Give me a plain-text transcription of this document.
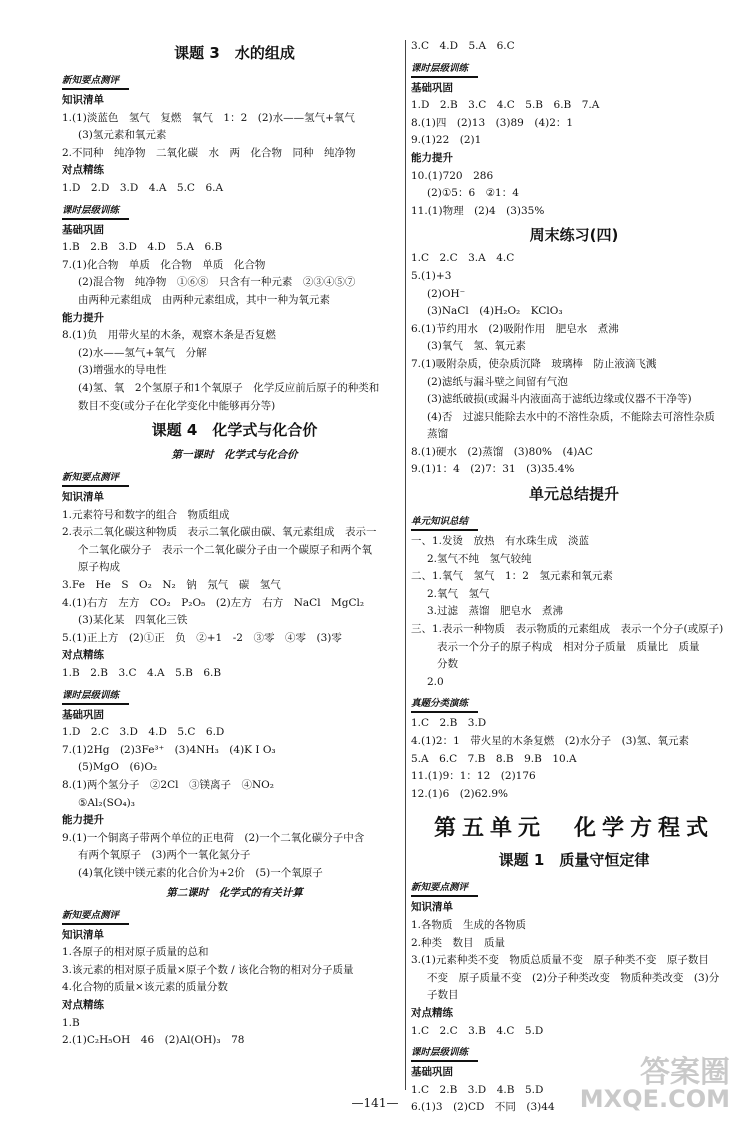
课题 3　水的组成
新知要点测评
知识清单
1.(1)淡蓝色　氢气　复燃　氧气　1：2　(2)水——氢气+氧气
(3)氢元素和氧元素
2.不同种　纯净物　二氧化碳　水　两　化合物　同种　纯净物
对点精练
1.D　2.D　3.D　4.A　5.C　6.A
课时层级训练
基础巩固
1.B　2.B　3.D　4.D　5.A　6.B
7.(1)化合物　单质　化合物　单质　化合物
(2)混合物　纯净物　①⑥⑧　只含有一种元素　②③④⑤⑦
由两种元素组成　由两种元素组成，其中一种为氧元素
能力提升
8.(1)负　用带火星的木条，观察木条是否复燃
(2)水——氢气+氧气　分解
(3)增强水的导电性
(4)氢、氧　2个氢原子和1个氧原子　化学反应前后原子的种类和
数目不变(或分子在化学变化中能够再分等)
课题 4　化学式与化合价
第一课时　化学式与化合价
新知要点测评
知识清单
1.元素符号和数字的组合　物质组成
2.表示二氧化碳这种物质　表示二氧化碳由碳、氧元素组成　表示一
个二氧化碳分子　表示一个二氧化碳分子由一个碳原子和两个氧
原子构成
3.Fe　He　S　O₂　N₂　钠　氖气　碳　氢气
4.(1)右方　左方　CO₂　P₂O₅　(2)左方　右方　NaCl　MgCl₂
(3)某化某　四氧化三铁
5.(1)正上方　(2)①正　负　②+1　-2　③零　④零　(3)零
对点精练
1.B　2.B　3.C　4.A　5.B　6.B
课时层级训练
基础巩固
1.D　2.C　3.D　4.D　5.C　6.D
7.(1)2Hg　(2)3Fe³⁺　(3)4NH₃　(4)K I O₃
(5)MgO　(6)O₂
8.(1)两个氢分子　②2Cl　③镁离子　④NO₂
⑤Al₂(SO₄)₃
能力提升
9.(1)一个铜离子带两个单位的正电荷　(2)一个二氧化碳分子中含
有两个氧原子　(3)两个一氧化氮分子
(4)氧化镁中镁元素的化合价为+2价　(5)一个氧原子
第二课时　化学式的有关计算
新知要点测评
知识清单
1.各原子的相对原子质量的总和
3.该元素的相对原子质量×原子个数 / 该化合物的相对分子质量
4.化合物的质量×该元素的质量分数
对点精练
1.B
2.(1)C₂H₅OH　46　(2)Al(OH)₃　78
3.C　4.D　5.A　6.C
课时层级训练
基础巩固
1.D　2.B　3.C　4.C　5.B　6.B　7.A
8.(1)四　(2)13　(3)89　(4)2：1
9.(1)22　(2)1
能力提升
10.(1)720　286
(2)①5：6　②1：4
11.(1)物理　(2)4　(3)35%
周末练习(四)
1.C　2.C　3.A　4.C
5.(1)+3
(2)OH⁻
(3)NaCl　(4)H₂O₂　KClO₃
6.(1)节约用水　(2)吸附作用　肥皂水　煮沸
(3)氧气　氢、氧元素
7.(1)吸附杂质，使杂质沉降　玻璃棒　防止液滴飞溅
(2)滤纸与漏斗壁之间留有气泡
(3)滤纸破损(或漏斗内液面高于滤纸边缘或仪器不干净等)
(4)否　过滤只能除去水中的不溶性杂质，不能除去可溶性杂质
蒸馏
8.(1)硬水　(2)蒸馏　(3)80%　(4)AC
9.(1)1：4　(2)7：31　(3)35.4%
单元总结提升
单元知识总结
一、1.发烫　放热　有水珠生成　淡蓝
2.氢气不纯　氢气较纯
二、1.氧气　氢气　1：2　氢元素和氧元素
2.氧气　氢气
3.过滤　蒸馏　肥皂水　煮沸
三、1.表示一种物质　表示物质的元素组成　表示一个分子(或原子)
表示一个分子的原子构成　相对分子质量　质量比　质量
分数
2.0
真题分类演练
1.C　2.B　3.D
4.(1)2：1　带火星的木条复燃　(2)水分子　(3)氢、氧元素
5.A　6.C　7.B　8.B　9.B　10.A
11.(1)9：1：12　(2)176
12.(1)6　(2)62.9%
第五单元　化学方程式
课题 1　质量守恒定律
新知要点测评
知识清单
1.各物质　生成的各物质
2.种类　数目　质量
3.(1)元素种类不变　物质总质量不变　原子种类不变　原子数目
不变　原子质量不变　(2)分子种类改变　物质种类改变　(3)分
子数目
对点精练
1.C　2.C　3.B　4.C　5.D
课时层级训练
基础巩固
1.C　2.B　3.D　4.B　5.D
6.(1)3　(2)CD　不同　(3)44
—141—
答案圈
MXQE.COM
